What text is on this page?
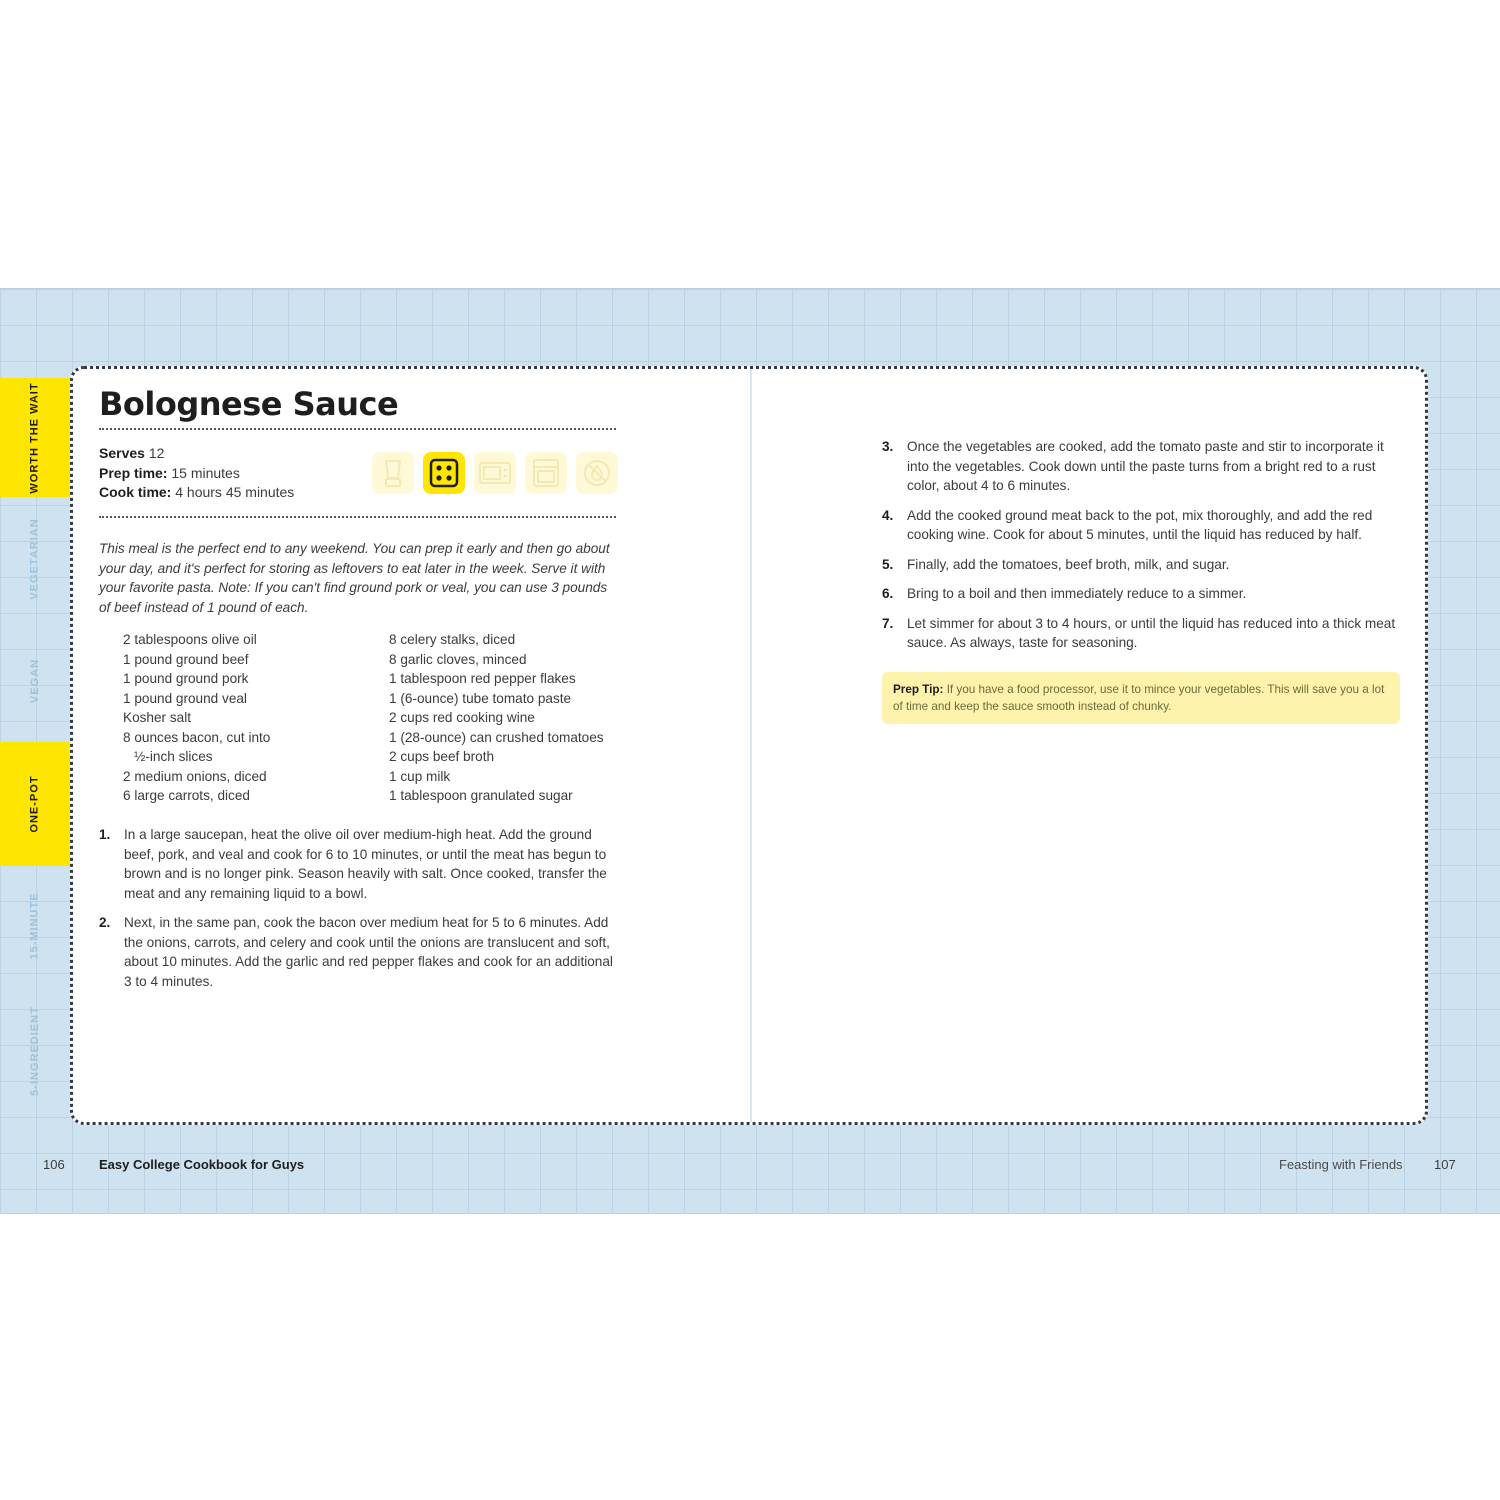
WORTH THE WAIT
VEGETARIAN
VEGAN
ONE-POT
15-MINUTE
5-INGREDIENT
Bolognese Sauce
Serves 12
Prep time: 15 minutes
Cook time: 4 hours 45 minutes

This meal is the perfect end to any weekend. You can prep it early and then go about your day, and it's perfect for storing as leftovers to eat later in the week. Serve it with your favorite pasta. Note: If you can't find ground pork or veal, you can use 3 pounds of beef instead of 1 pound of each.

2 tablespoons olive oil
1 pound ground beef
1 pound ground pork
1 pound ground veal
Kosher salt
8 ounces bacon, cut into
½-inch slices
2 medium onions, diced
6 large carrots, diced
8 celery stalks, diced
8 garlic cloves, minced
1 tablespoon red pepper flakes
1 (6-ounce) tube tomato paste
2 cups red cooking wine
1 (28-ounce) can crushed tomatoes
2 cups beef broth
1 cup milk
1 tablespoon granulated sugar
1.	In a large saucepan, heat the olive oil over medium-high heat. Add the ground beef, pork, and veal and cook for 6 to 10 minutes, or until the meat has begun to brown and is no longer pink. Season heavily with salt. Once cooked, transfer the meat and any remaining liquid to a bowl.
2.	Next, in the same pan, cook the bacon over medium heat for 5 to 6 minutes. Add the onions, carrots, and celery and cook until the onions are translucent and soft, about 10 minutes. Add the garlic and red pepper flakes and cook for an additional 3 to 4 minutes.
3.	Once the vegetables are cooked, add the tomato paste and stir to incorporate it into the vegetables. Cook down until the paste turns from a bright red to a rust color, about 4 to 6 minutes.
4.	Add the cooked ground meat back to the pot, mix thoroughly, and add the red cooking wine. Cook for about 5 minutes, until the liquid has reduced by half.
5.	Finally, add the tomatoes, beef broth, milk, and sugar.
6.	Bring to a boil and then immediately reduce to a simmer.
7.	Let simmer for about 3 to 4 hours, or until the liquid has reduced into a thick meat sauce. As always, taste for seasoning.
Prep Tip: If you have a food processor, use it to mince your vegetables. This will save you a lot of time and keep the sauce smooth instead of chunky.
106	Easy College Cookbook for Guys	Feasting with Friends 107
